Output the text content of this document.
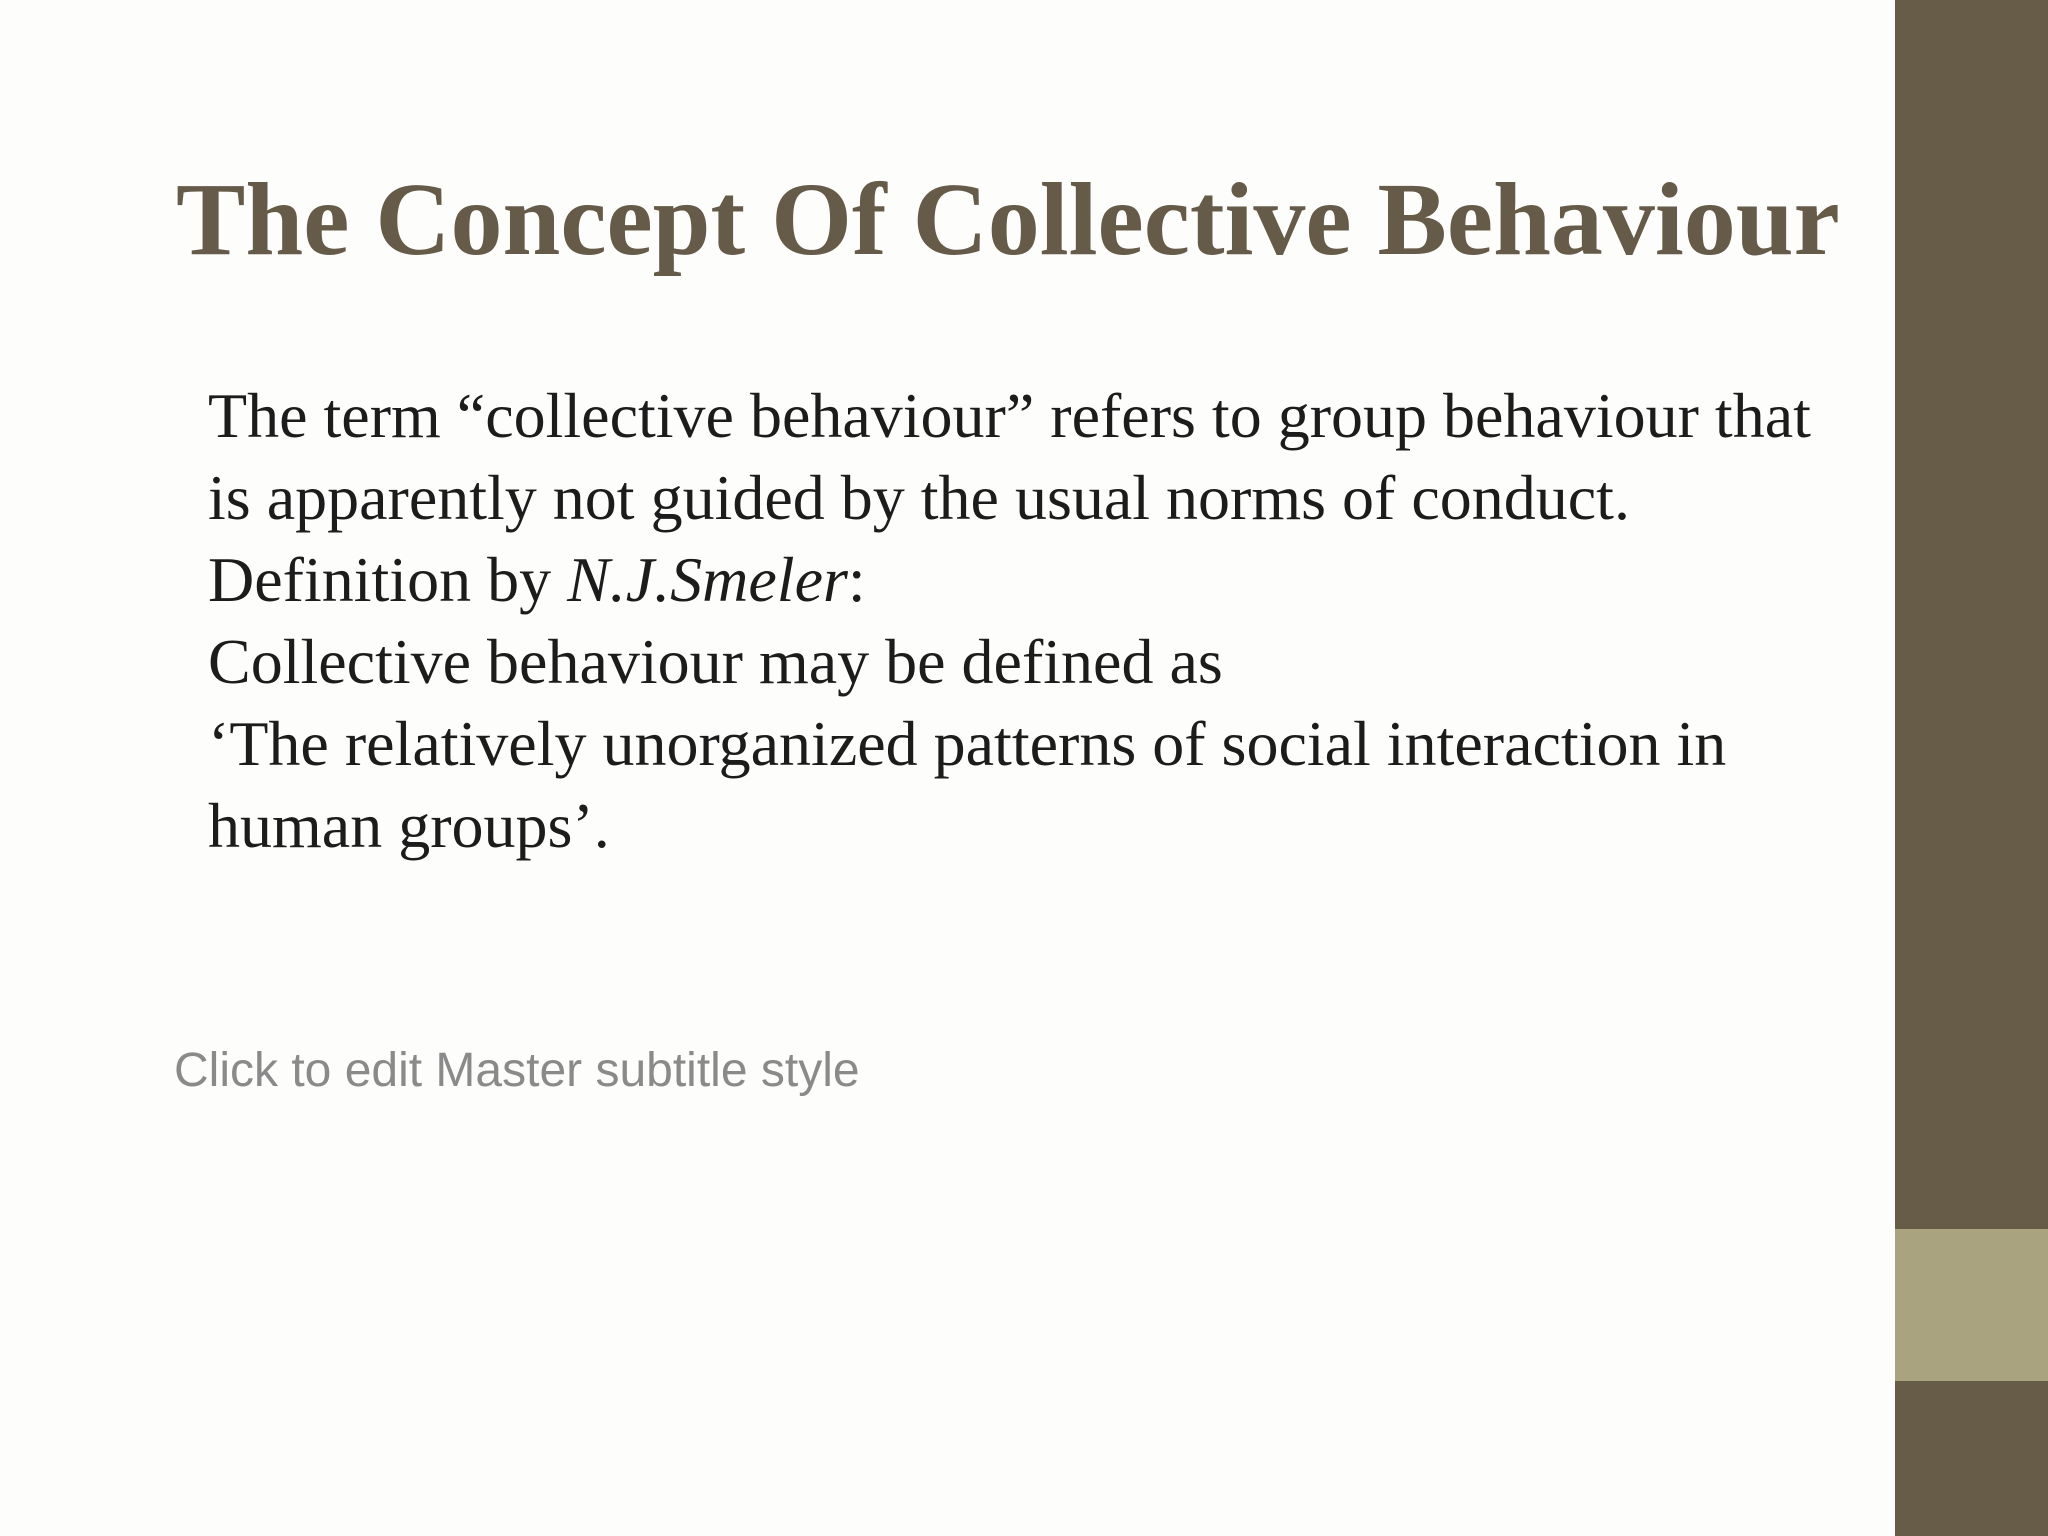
The Concept Of Collective Behaviour

The term “collective behaviour” refers to group behaviour that is apparently not guided by the usual norms of conduct.

Definition by N.J.Smeler:

Collective behaviour may be defined as

‘The relatively unorganized patterns of social interaction in human groups’.

Click to edit Master subtitle style
